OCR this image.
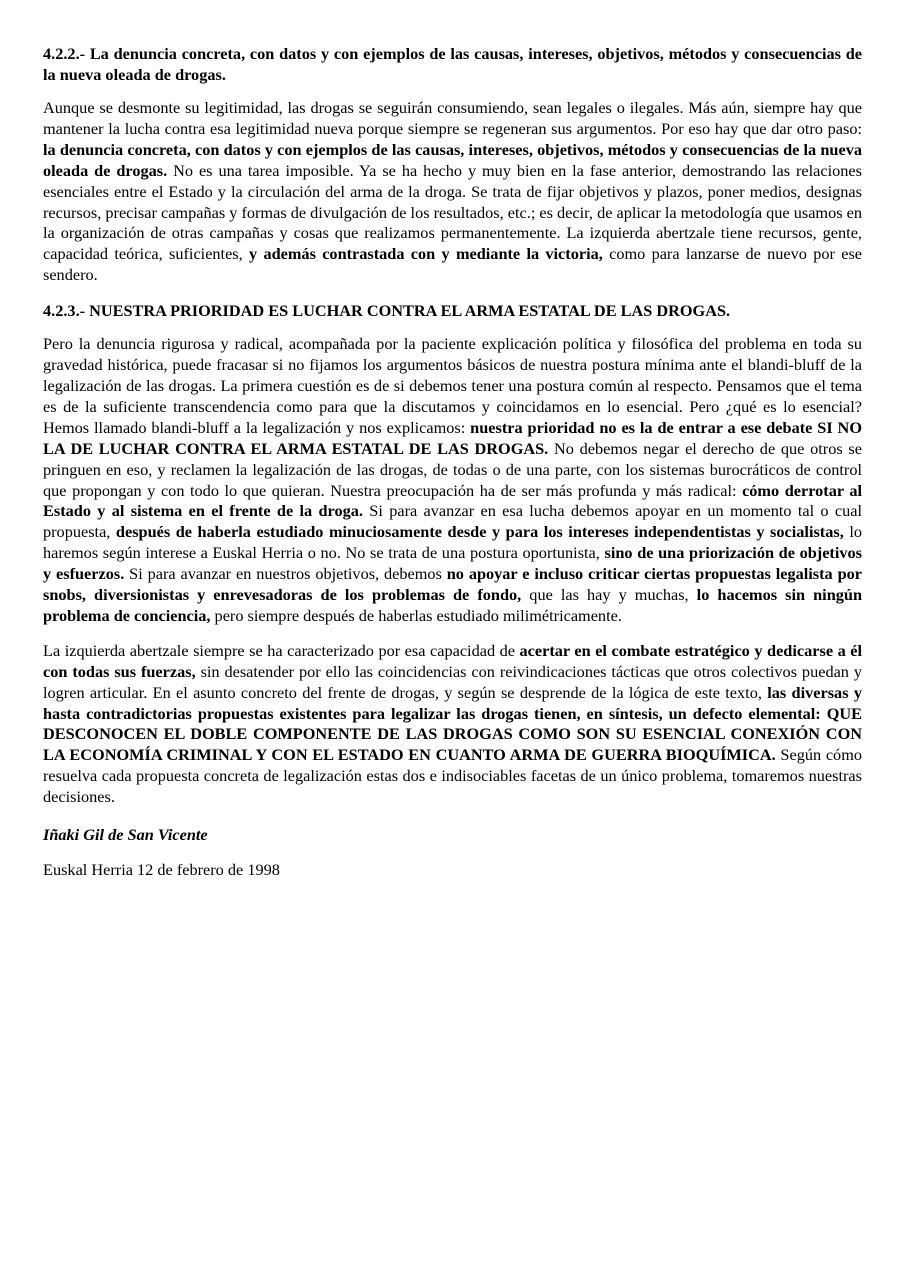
4.2.2.- La denuncia concreta, con datos y con ejemplos de las causas, intereses, objetivos, métodos y consecuencias de la nueva oleada de drogas.

Aunque se desmonte su legitimidad, las drogas se seguirán consumiendo, sean legales o ilegales. Más aún, siempre hay que mantener la lucha contra esa legitimidad nueva porque siempre se regeneran sus argumentos. Por eso hay que dar otro paso: la denuncia concreta, con datos y con ejemplos de las causas, intereses, objetivos, métodos y consecuencias de la nueva oleada de drogas. No es una tarea imposible. Ya se ha hecho y muy bien en la fase anterior, demostrando las relaciones esenciales entre el Estado y la circulación del arma de la droga. Se trata de fijar objetivos y plazos, poner medios, designas recursos, precisar campañas y formas de divulgación de los resultados, etc.; es decir, de aplicar la metodología que usamos en la organización de otras campañas y cosas que realizamos permanentemente. La izquierda abertzale tiene recursos, gente, capacidad teórica, suficientes, y además contrastada con y mediante la victoria, como para lanzarse de nuevo por ese sendero.

4.2.3.- NUESTRA PRIORIDAD ES LUCHAR CONTRA EL ARMA ESTATAL DE LAS DROGAS.

Pero la denuncia rigurosa y radical, acompañada por la paciente explicación política y filosófica del problema en toda su gravedad histórica, puede fracasar si no fijamos los argumentos básicos de nuestra postura mínima ante el blandi-bluff de la legalización de las drogas. La primera cuestión es de si debemos tener una postura común al respecto. Pensamos que el tema es de la suficiente transcendencia como para que la discutamos y coincidamos en lo esencial. Pero ¿qué es lo esencial? Hemos llamado blandi-bluff a la legalización y nos explicamos: nuestra prioridad no es la de entrar a ese debate SI NO LA DE LUCHAR CONTRA EL ARMA ESTATAL DE LAS DROGAS. No debemos negar el derecho de que otros se pringuen en eso, y reclamen la legalización de las drogas, de todas o de una parte, con los sistemas burocráticos de control que propongan y con todo lo que quieran. Nuestra preocupación ha de ser más profunda y más radical: cómo derrotar al Estado y al sistema en el frente de la droga. Si para avanzar en esa lucha debemos apoyar en un momento tal o cual propuesta, después de haberla estudiado minuciosamente desde y para los intereses independentistas y socialistas, lo haremos según interese a Euskal Herria o no. No se trata de una postura oportunista, sino de una priorización de objetivos y esfuerzos. Si para avanzar en nuestros objetivos, debemos no apoyar e incluso criticar ciertas propuestas legalista por snobs, diversionistas y enrevesadoras de los problemas de fondo, que las hay y muchas, lo hacemos sin ningún problema de conciencia, pero siempre después de haberlas estudiado milimétricamente.

La izquierda abertzale siempre se ha caracterizado por esa capacidad de acertar en el combate estratégico y dedicarse a él con todas sus fuerzas, sin desatender por ello las coincidencias con reivindicaciones tácticas que otros colectivos puedan y logren articular. En el asunto concreto del frente de drogas, y según se desprende de la lógica de este texto, las diversas y hasta contradictorias propuestas existentes para legalizar las drogas tienen, en síntesis, un defecto elemental: QUE DESCONOCEN EL DOBLE COMPONENTE DE LAS DROGAS COMO SON SU ESENCIAL CONEXIÓN CON LA ECONOMÍA CRIMINAL Y CON EL ESTADO EN CUANTO ARMA DE GUERRA BIOQUÍMICA. Según cómo resuelva cada propuesta concreta de legalización estas dos e indisociables facetas de un único problema, tomaremos nuestras decisiones.

Iñaki Gil de San Vicente

Euskal Herria 12 de febrero de 1998
